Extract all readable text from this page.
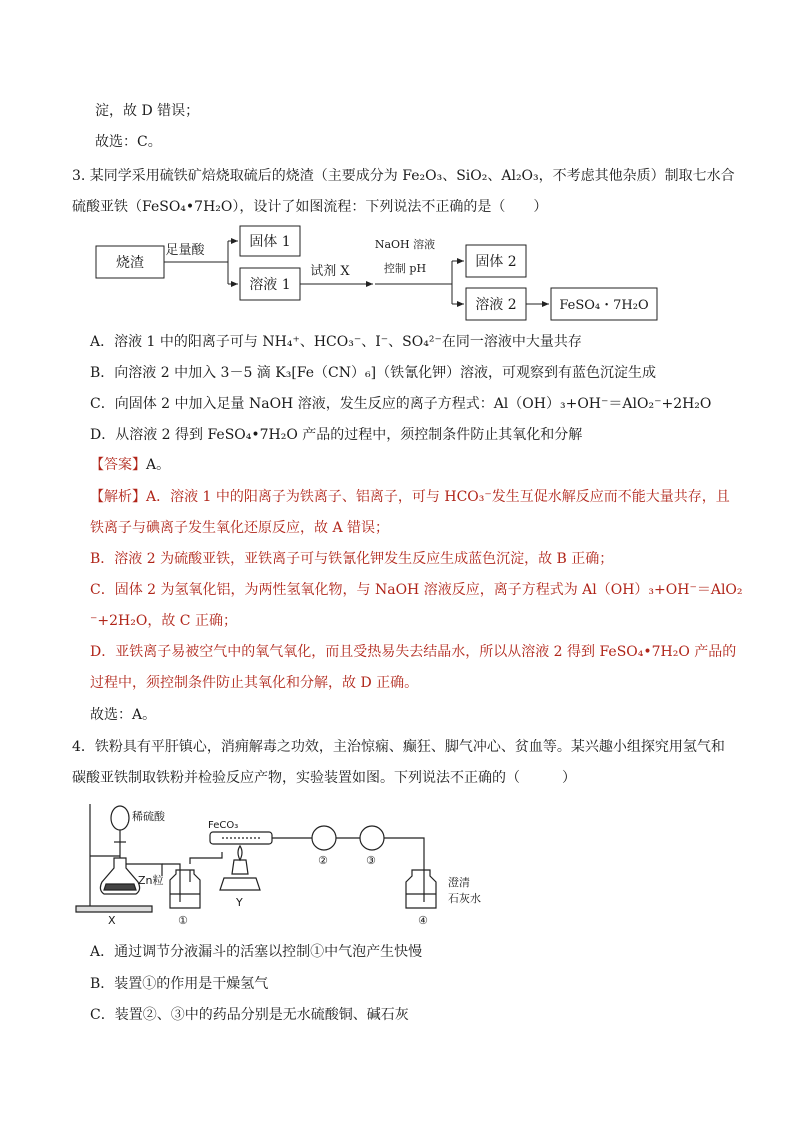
淀，故 D 错误；
故选：C。
3. 某同学采用硫铁矿焙烧取硫后的烧渣（主要成分为 Fe₂O₃、SiO₂、Al₂O₃，不考虑其他杂质）制取七水合
硫酸亚铁（FeSO₄•7H₂O），设计了如图流程：下列说法不正确的是（　　）
烧渣
足量酸
固体 1
溶液 1
试剂 X
NaOH 溶液
控制 pH	固体 2
溶液 2	FeSO₄・7H₂O
A．溶液 1 中的阳离子可与 NH₄⁺、HCO₃⁻、I⁻、SO₄²⁻在同一溶液中大量共存
B．向溶液 2 中加入 3－5 滴 K₃[Fe（CN）₆]（铁氰化钾）溶液，可观察到有蓝色沉淀生成
C．向固体 2 中加入足量 NaOH 溶液，发生反应的离子方程式：Al（OH）₃+OH⁻＝AlO₂⁻+2H₂O
D．从溶液 2 得到 FeSO₄•7H₂O 产品的过程中，须控制条件防止其氧化和分解
【答案】A。
【解析】A．溶液 1 中的阳离子为铁离子、铝离子，可与 HCO₃⁻发生互促水解反应而不能大量共存，且
铁离子与碘离子发生氧化还原反应，故 A 错误；
B．溶液 2 为硫酸亚铁，亚铁离子可与铁氰化钾发生反应生成蓝色沉淀，故 B 正确；
C．固体 2 为氢氧化铝，为两性氢氧化物，与 NaOH 溶液反应，离子方程式为 Al（OH）₃+OH⁻＝AlO₂
⁻+2H₂O，故 C 正确；
D．亚铁离子易被空气中的氧气氧化，而且受热易失去结晶水，所以从溶液 2 得到 FeSO₄•7H₂O 产品的
过程中，须控制条件防止其氧化和分解，故 D 正确。
故选：A。
4．铁粉具有平肝镇心，消痈解毒之功效，主治惊痫、癫狂、脚气冲心、贫血等。某兴趣小组探究用氢气和
碳酸亚铁制取铁粉并检验反应产物，实验装置如图。下列说法不正确的（　　　）
稀硫酸
FeCO₃
Zn粒
X	①
Y
②	③
④
澄清
石灰水
A．通过调节分液漏斗的活塞以控制①中气泡产生快慢
B．装置①的作用是干燥氢气
C．装置②、③中的药品分别是无水硫酸铜、碱石灰
